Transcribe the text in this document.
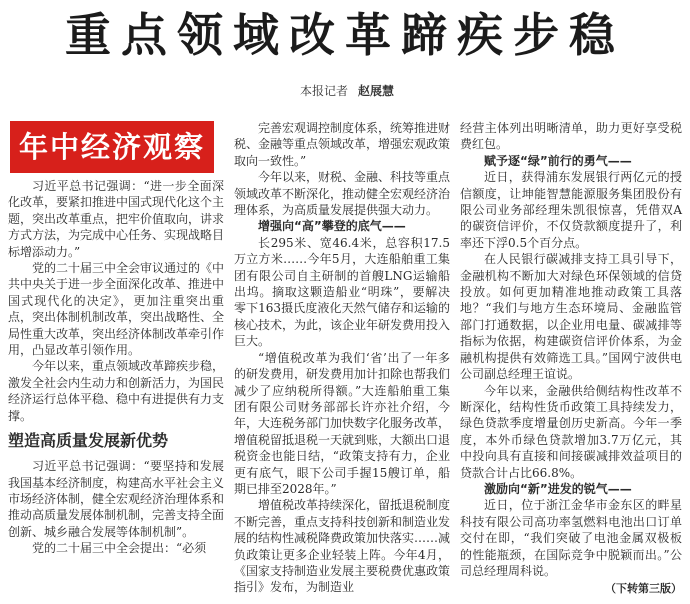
重点领域改革蹄疾步稳
本报记者 赵展慧
年中经济观察

习近平总书记强调：“进一步全面深化改革，要紧扣推进中国式现代化这个主题，突出改革重点，把牢价值取向，讲求方式方法，为完成中心任务、实现战略目标增添动力。”

党的二十届三中全会审议通过的《中共中央关于进一步全面深化改革、推进中国式现代化的决定》，更加注重突出重点，突出体制机制改革，突出战略性、全局性重大改革，突出经济体制改革牵引作用，凸显改革引领作用。

今年以来，重点领域改革蹄疾步稳，激发全社会内生动力和创新活力，为国民经济运行总体平稳、稳中有进提供有力支撑。

塑造高质量发展新优势

习近平总书记强调：“要坚持和发展我国基本经济制度，构建高水平社会主义市场经济体制，健全宏观经济治理体系和推动高质量发展体制机制，完善支持全面创新、城乡融合发展等体制机制”。

党的二十届三中全会提出：“必须

完善宏观调控制度体系，统筹推进财税、金融等重点领域改革，增强宏观政策取向一致性。”

今年以来，财税、金融、科技等重点领域改革不断深化，推动健全宏观经济治理体系，为高质量发展提供强大动力。

增强向“高”攀登的底气——

长295米、宽46.4米，总容积17.5万立方米……今年5月，大连船舶重工集团有限公司自主研制的首艘LNG运输船出坞。摘取这颗造船业“明珠”，要解决零下163摄氏度液化天然气储存和运输的核心技术，为此，该企业年研发费用投入巨大。

“增值税改革为我们‘省’出了一年多的研发费用，研发费用加计扣除也帮我们减少了应纳税所得额。”大连船舶重工集团有限公司财务部部长许亦社介绍，今年，大连税务部门加快数字化服务改革，增值税留抵退税一天就到账，大额出口退税资金也能日结，“政策支持有力，企业更有底气，眼下公司手握15艘订单，船期已排至2028年。”

增值税改革持续深化，留抵退税制度不断完善，重点支持科技创新和制造业发展的结构性减税降费政策加快落实……减负政策让更多企业轻装上阵。今年4月，《国家支持制造业发展主要税费优惠政策指引》发布，为制造业

经营主体列出明晰清单，助力更好享受税费红包。

赋予逐“绿”前行的勇气——

近日，获得浦东发展银行两亿元的授信额度，让坤能智慧能源服务集团股份有限公司业务部经理朱凯很惊喜，凭借双A的碳资信评价，不仅贷款额度提升了，利率还下浮0.5个百分点。

在人民银行碳减排支持工具引导下，金融机构不断加大对绿色环保领域的信贷投放。如何更加精准地推动政策工具落地？“我们与地方生态环境局、金融监管部门打通数据，以企业用电量、碳减排等指标为依据，构建碳资信评价体系，为金融机构提供有效筛选工具。”国网宁波供电公司副总经理王谊说。

今年以来，金融供给侧结构性改革不断深化，结构性货币政策工具持续发力，绿色贷款季度增量创历史新高。今年一季度，本外币绿色贷款增加3.7万亿元，其中投向具有直接和间接碳减排效益项目的贷款合计占比66.8%。

激励向“新”进发的锐气——

近日，位于浙江金华市金东区的畔星科技有限公司高功率氢燃料电池出口订单交付在即，“我们突破了电池金属双极板的性能瓶颈，在国际竞争中脱颖而出。”公司总经理周科说。

（下转第三版）
